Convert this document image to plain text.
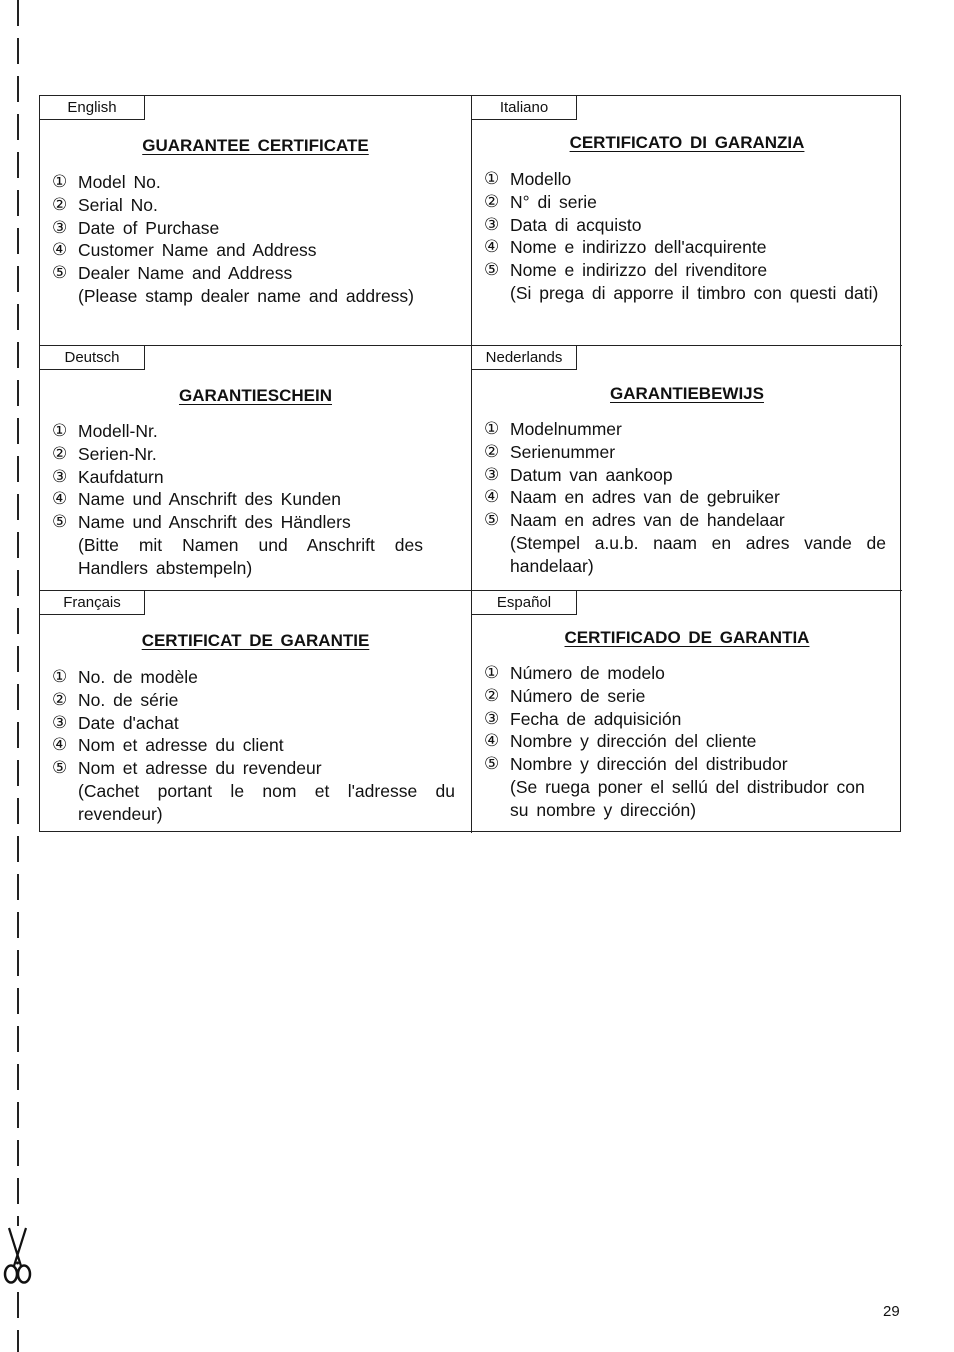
English
GUARANTEE CERTIFICATE
① Model No.
② Serial No.
③ Date of Purchase
④ Customer Name and Address
⑤ Dealer Name and Address
(Please stamp dealer name and address)
Italiano
CERTIFICATO DI GARANZIA
① Modello
② N° di serie
③ Data di acquisto
④ Nome e indirizzo dell'acquirente
⑤ Nome e indirizzo del rivenditore
(Si prega di apporre il timbro con questi dati)
Deutsch
GARANTIESCHEIN
① Modell-Nr.
② Serien-Nr.
③ Kaufdaturn
④ Name und Anschrift des Kunden
⑤ Name und Anschrift des Händlers
(Bitte mit Namen und Anschrift des Handlers abstempeln)
Nederlands
GARANTIEBEWIJS
① Modelnummer
② Serienummer
③ Datum van aankoop
④ Naam en adres van de gebruiker
⑤ Naam en adres van de handelaar
(Stempel a.u.b. naam en adres vande de handelaar)
Français
CERTIFICAT DE GARANTIE
① No. de modèle
② No. de série
③ Date d'achat
④ Nom et adresse du client
⑤ Nom et adresse du revendeur
(Cachet portant le nom et l'adresse du revendeur)
Español
CERTIFICADO DE GARANTIA
① Número de modelo
② Número de serie
③ Fecha de adquisición
④ Nombre y dirección del cliente
⑤ Nombre y dirección del distribudor
(Se ruega poner el sellú del distribudor con su nombre y dirección)
29
